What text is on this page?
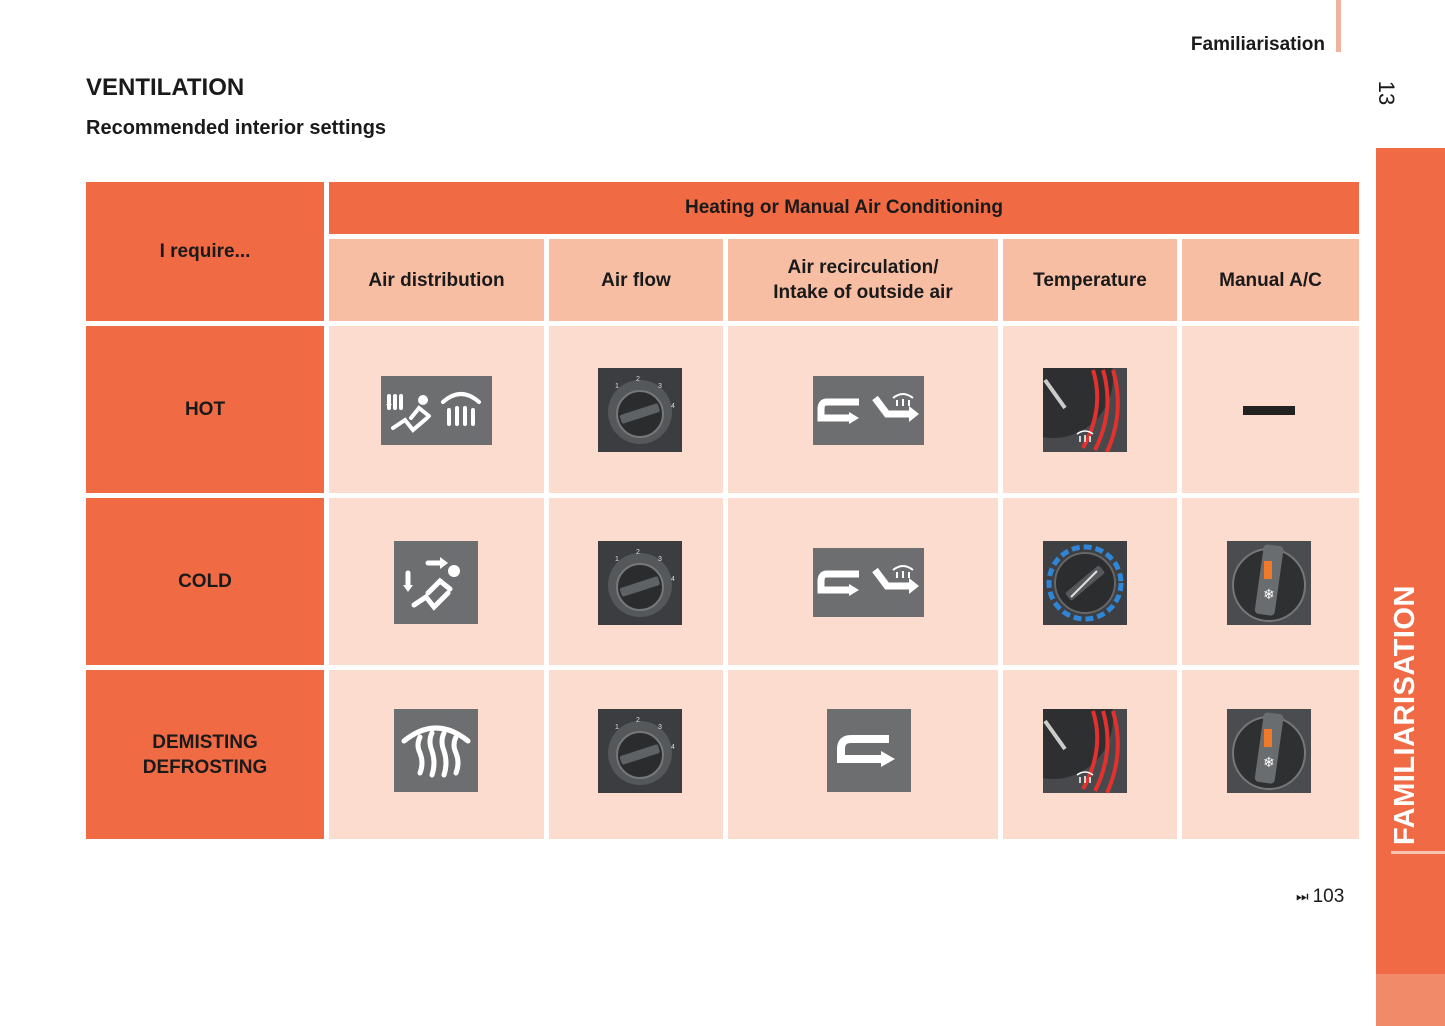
Familiarisation
13
FAMILIARISATION
VENTILATION
Recommended interior settings
I require...
Heating or Manual Air Conditioning
Air distribution	Air flow
Air recirculation/
Intake of outside air
Temperature	Manual A/C
HOT
COLD
DEMISTING
DEFROSTING
1
2
3
4
1
2
3
4
❄
1
2
3
4
❄
⏭ 103
